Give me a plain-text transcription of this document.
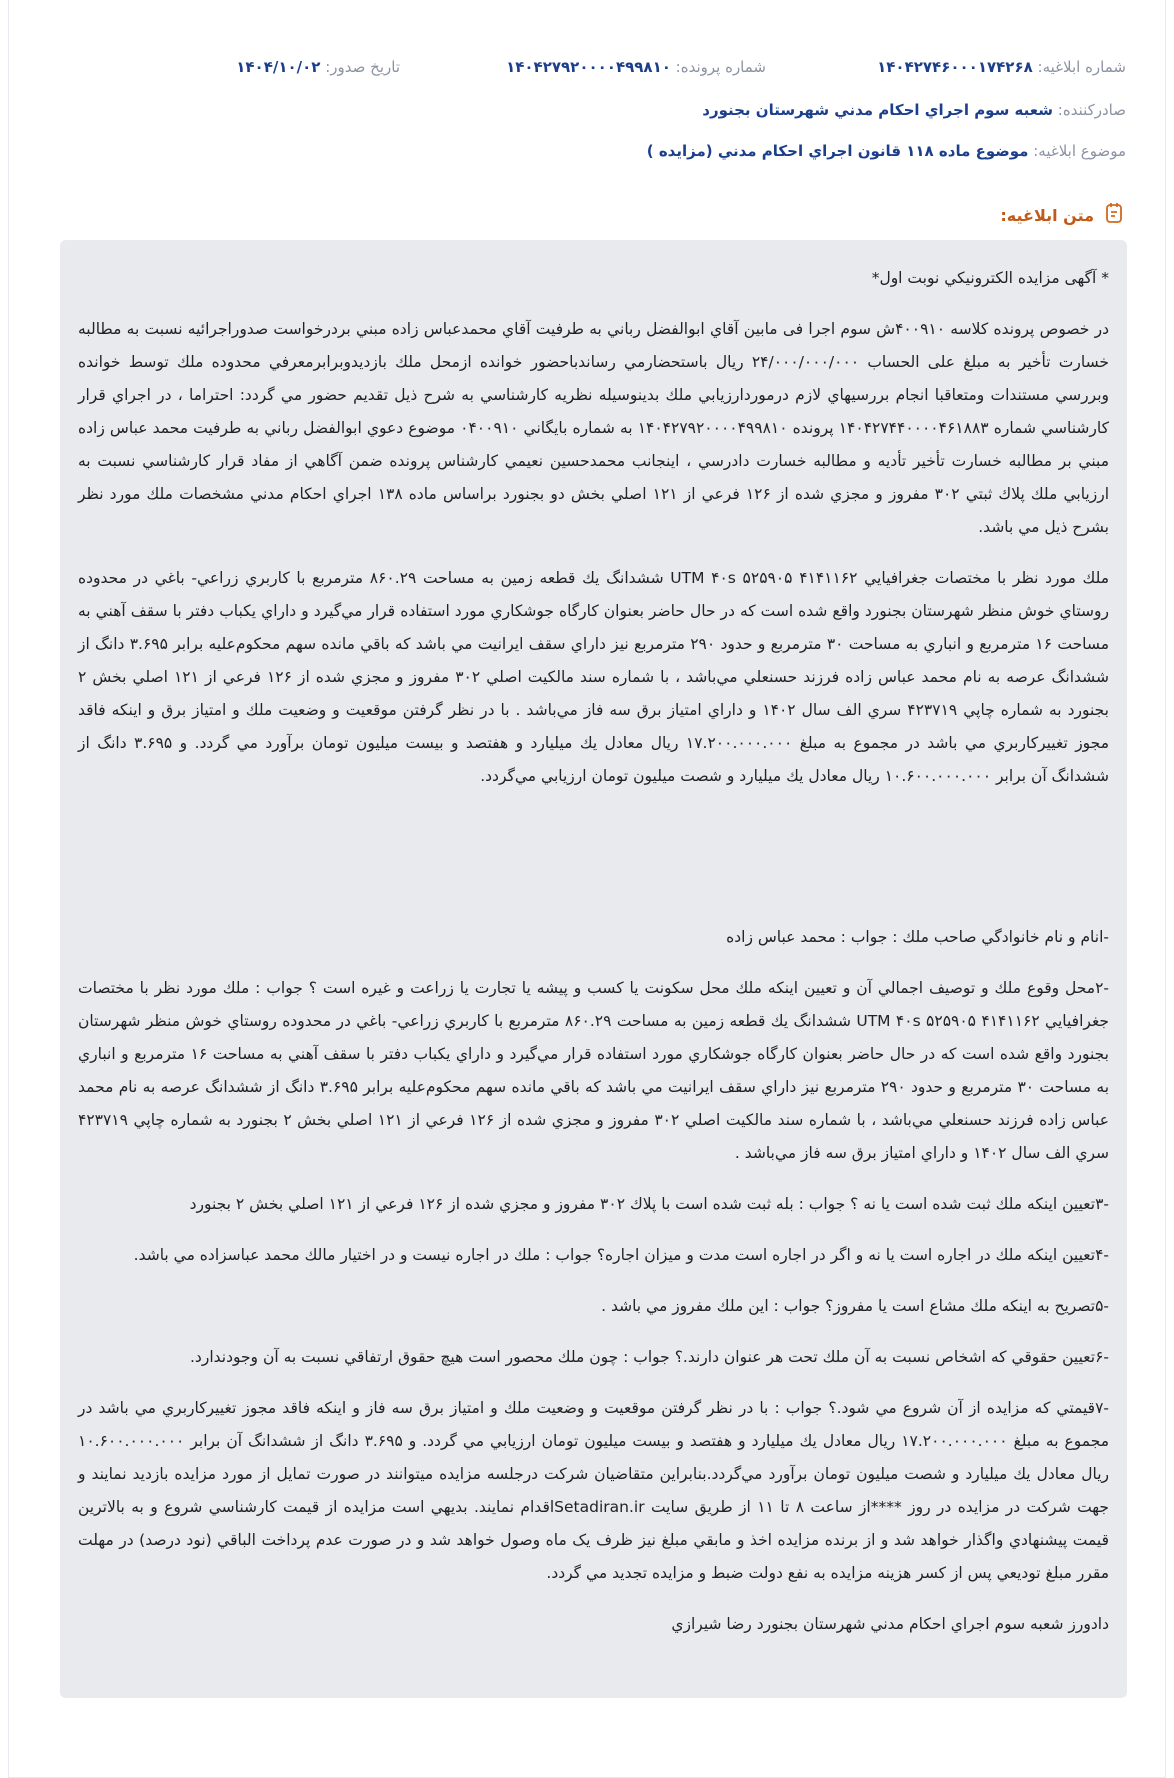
شماره ابلاغیه: ۱۴۰۴۲۷۴۶۰۰۰۱۷۴۲۶۸
شماره پرونده: ۱۴۰۴۲۷۹۲۰۰۰۰۴۹۹۸۱۰
تاریخ صدور: ۱۴۰۴/۱۰/۰۲
صادرکننده: شعبه سوم اجراي احكام مدني شهرستان بجنورد
موضوع ابلاغیه: موضوع ماده ۱۱۸ قانون اجراي احكام مدني (مزايده )
متن ابلاغیه:

* آگهی مزايده الكترونيكي نوبت اول*

در خصوص پرونده كلاسه ۴۰۰۹۱۰ش سوم اجرا فی مابين آقاي ابوالفضل رباني به طرفيت آقاي محمدعباس زاده مبني بردرخواست صدوراجرائيه نسبت به مطالبه خسارت تأخير به مبلغ علی الحساب ۲۴/۰۰۰/۰۰۰/۰۰۰ ريال باستحضارمي رساندباحضور خوانده ازمحل ملك بازديدوبرابرمعرفي محدوده ملك توسط خوانده وبررسي مستندات ومتعاقبا انجام بررسيهاي لازم درموردارزيابي ملك بدينوسيله نظريه كارشناسي به شرح ذيل تقديم حضور مي گردد: احتراما ، در اجراي قرار كارشناسي شماره ۱۴۰۴۲۷۴۴۰۰۰۰۴۶۱۸۸۳ پرونده ۱۴۰۴۲۷۹۲۰۰۰۰۴۹۹۸۱۰ به شماره بايگاني ۰۴۰۰۹۱۰ موضوع دعوي ابوالفضل رباني به طرفيت محمد عباس زاده مبني بر مطالبه خسارت تأخير تأديه و مطالبه خسارت دادرسي ، اينجانب محمدحسين نعيمي كارشناس پرونده ضمن آگاهي از مفاد قرار كارشناسي نسبت به ارزيابي ملك پلاك ثبتي ۳۰۲ مفروز و مجزي شده از ۱۲۶ فرعي از ۱۲۱ اصلي بخش دو بجنورد براساس ماده ۱۳۸ اجراي احكام مدني مشخصات ملك مورد نظر بشرح ذيل مي باشد.

ملك مورد نظر با مختصات جغرافيايي ۴۱۴۱۱۶۲ ۵۲۵۹۰۵ UTM ۴۰s ششدانگ يك قطعه زمين به مساحت ۸۶۰.۲۹ مترمربع با كاربري زراعي- باغي در محدوده روستاي خوش منظر شهرستان بجنورد واقع شده است كه در حال حاضر بعنوان كارگاه جوشكاري مورد استفاده قرار مي‌گيرد و داراي يكباب دفتر با سقف آهني به مساحت ۱۶ مترمربع و انباري به مساحت ۳۰ مترمربع و حدود ۲۹۰ مترمربع نيز داراي سقف ايرانيت مي باشد كه باقي مانده سهم محكوم‌عليه برابر ۳.۶۹۵ دانگ از ششدانگ عرصه به نام محمد عباس زاده فرزند حسنعلي مي‌باشد ، با شماره سند مالكيت اصلي ۳۰۲ مفروز و مجزي شده از ۱۲۶ فرعي از ۱۲۱ اصلي بخش ۲ بجنورد به شماره چاپي ۴۲۳۷۱۹ سري الف سال ۱۴۰۲ و داراي امتياز برق سه فاز مي‌باشد . با در نظر گرفتن موقعيت و وضعيت ملك و امتياز برق و اينكه فاقد مجوز تغييركاربري مي باشد در مجموع به مبلغ ۱۷.۲۰۰.۰۰۰.۰۰۰ ريال معادل يك ميليارد و هفتصد و بيست ميليون تومان برآورد مي گردد. و ۳.۶۹۵ دانگ از ششدانگ آن برابر ۱۰.۶۰۰.۰۰۰.۰۰۰ ريال معادل يك ميليارد و شصت ميليون تومان ارزيابي مي‌گردد.

-انام و نام خانوادگي صاحب ملك : جواب : محمد عباس زاده

-۲محل وقوع ملك و توصيف اجمالي آن و تعيين اينكه ملك محل سكونت يا كسب و پيشه يا تجارت يا زراعت و غيره است ؟ جواب : ملك مورد نظر با مختصات جغرافيايي ۴۱۴۱۱۶۲ ۵۲۵۹۰۵ UTM ۴۰s ششدانگ يك قطعه زمين به مساحت ۸۶۰.۲۹ مترمربع با كاربري زراعي- باغي در محدوده روستاي خوش منظر شهرستان بجنورد واقع شده است كه در حال حاضر بعنوان كارگاه جوشكاري مورد استفاده قرار مي‌گيرد و داراي يكباب دفتر با سقف آهني به مساحت ۱۶ مترمربع و انباري به مساحت ۳۰ مترمربع و حدود ۲۹۰ مترمربع نيز داراي سقف ايرانيت مي باشد كه باقي مانده سهم محكوم‌عليه برابر ۳.۶۹۵ دانگ از ششدانگ عرصه به نام محمد عباس زاده فرزند حسنعلي مي‌باشد ، با شماره سند مالكيت اصلي ۳۰۲ مفروز و مجزي شده از ۱۲۶ فرعي از ۱۲۱ اصلي بخش ۲ بجنورد به شماره چاپي ۴۲۳۷۱۹ سري الف سال ۱۴۰۲ و داراي امتياز برق سه فاز مي‌باشد .

-۳تعيين اينكه ملك ثبت شده است يا نه ؟ جواب : بله ثبت شده است با پلاك ۳۰۲ مفروز و مجزي شده از ۱۲۶ فرعي از ۱۲۱ اصلي بخش ۲ بجنورد

-۴تعيين اينكه ملك در اجاره است يا نه و اگر در اجاره است مدت و ميزان اجاره؟ جواب : ملك در اجاره نيست و در اختيار مالك محمد عباسزاده مي باشد.

-۵تصريح به اينكه ملك مشاع است يا مفروز؟ جواب : اين ملك مفروز مي باشد .

-۶تعيين حقوقي كه اشخاص نسبت به آن ملك تحت هر عنوان دارند.؟ جواب : چون ملك محصور است هيچ حقوق ارتفاقي نسبت به آن وجودندارد.

-۷قيمتي كه مزايده از آن شروع مي شود.؟ جواب : با در نظر گرفتن موقعيت و وضعيت ملك و امتياز برق سه فاز و اينكه فاقد مجوز تغييركاربري مي باشد در مجموع به مبلغ ۱۷.۲۰۰.۰۰۰.۰۰۰ ريال معادل يك ميليارد و هفتصد و بيست ميليون تومان ارزيابي مي گردد. و ۳.۶۹۵ دانگ از ششدانگ آن برابر ۱۰.۶۰۰.۰۰۰.۰۰۰ ريال معادل يك ميليارد و شصت ميليون تومان برآورد مي‌گردد.بنابراين متقاضيان شركت درجلسه مزايده ميتوانند در صورت تمايل از مورد مزايده بازديد نمايند و جهت شركت در مزايده در روز ****از ساعت ۸ تا ۱۱ از طريق سايت Setadiran.irاقدام نمايند. بديهي است مزايده از قيمت كارشناسي شروع و به بالاترين قيمت پيشنهادي واگذار خواهد شد و از برنده مزايده اخذ و مابقي مبلغ نيز ظرف يک ماه وصول خواهد شد و در صورت عدم پرداخت الباقي (نود درصد) در مهلت مقرر مبلغ توديعي پس از كسر هزينه مزايده به نفع دولت ضبط و مزايده تجديد مي گردد.

دادورز شعبه سوم اجراي احكام مدني شهرستان بجنورد رضا شيرازي
